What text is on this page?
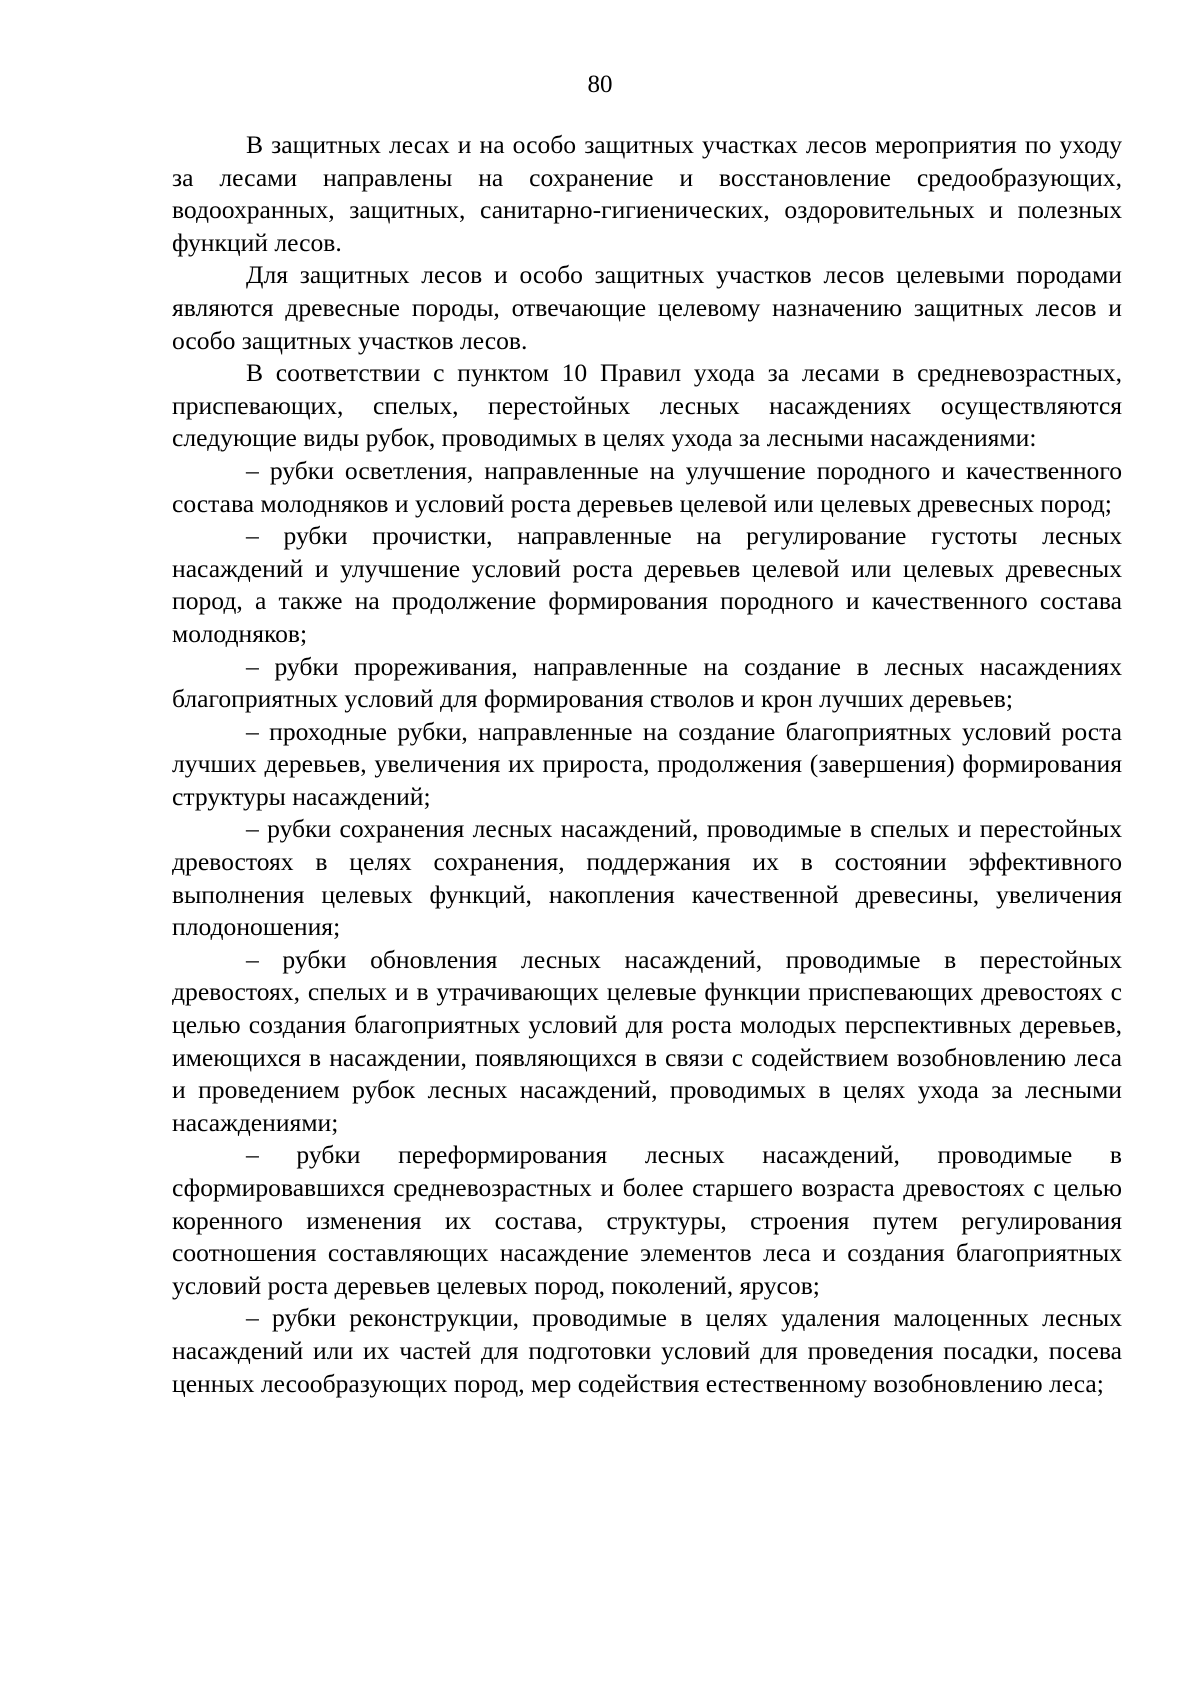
80

В защитных лесах и на особо защитных участках лесов мероприятия по уходу за лесами направлены на сохранение и восстановление средообразующих, водоохранных, защитных, санитарно-гигиенических, оздоровительных и полезных функций лесов.

Для защитных лесов и особо защитных участков лесов целевыми породами являются древесные породы, отвечающие целевому назначению защитных лесов и особо защитных участков лесов.

В соответствии с пунктом 10 Правил ухода за лесами в средневозрастных, приспевающих, спелых, перестойных лесных насаждениях осуществляются следующие виды рубок, проводимых в целях ухода за лесными насаждениями:

– рубки осветления, направленные на улучшение породного и качественного состава молодняков и условий роста деревьев целевой или целевых древесных пород;

– рубки прочистки, направленные на регулирование густоты лесных насаждений и улучшение условий роста деревьев целевой или целевых древесных пород, а также на продолжение формирования породного и качественного состава молодняков;

– рубки прореживания, направленные на создание в лесных насаждениях благоприятных условий для формирования стволов и крон лучших деревьев;

– проходные рубки, направленные на создание благоприятных условий роста лучших деревьев, увеличения их прироста, продолжения (завершения) формирования структуры насаждений;

– рубки сохранения лесных насаждений, проводимые в спелых и перестойных древостоях в целях сохранения, поддержания их в состоянии эффективного выполнения целевых функций, накопления качественной древесины, увеличения плодоношения;

– рубки обновления лесных насаждений, проводимые в перестойных древостоях, спелых и в утрачивающих целевые функции приспевающих древостоях с целью создания благоприятных условий для роста молодых перспективных деревьев, имеющихся в насаждении, появляющихся в связи с содействием возобновлению леса и проведением рубок лесных насаждений, проводимых в целях ухода за лесными насаждениями;

– рубки переформирования лесных насаждений, проводимые в сформировавшихся средневозрастных и более старшего возраста древостоях с целью коренного изменения их состава, структуры, строения путем регулирования соотношения составляющих насаждение элементов леса и создания благоприятных условий роста деревьев целевых пород, поколений, ярусов;

– рубки реконструкции, проводимые в целях удаления малоценных лесных насаждений или их частей для подготовки условий для проведения посадки, посева ценных лесообразующих пород, мер содействия естественному возобновлению леса;
